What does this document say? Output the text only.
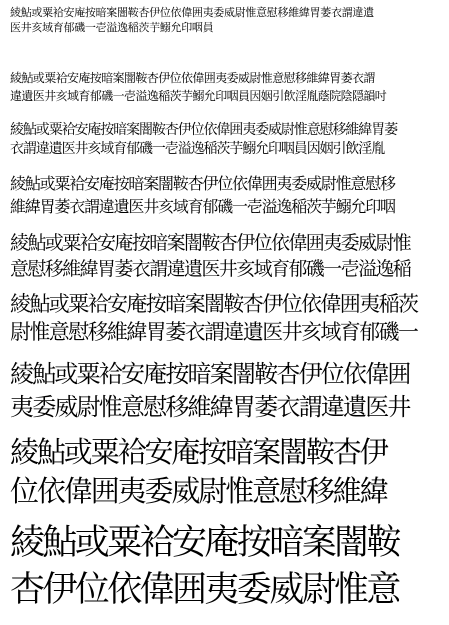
綾鮎或粟袷安庵按暗案闇鞍杏伊位依偉囲夷委威尉惟意慰移維緯胃萎衣謂違遺
医井亥域育郁磯一壱溢逸稲茨芋鰯允印咽員
綾鮎或粟袷安庵按暗案闇鞍杏伊位依偉囲夷委威尉惟意慰移維緯胃萎衣謂
違遺医井亥域育郁磯一壱溢逸稲茨芋鰯允印咽員因姻引飲淫胤蔭院陰隠韻吋
綾鮎或粟袷安庵按暗案闇鞍杏伊位依偉囲夷委威尉惟意慰移維緯胃萎
衣謂違遺医井亥域育郁磯一壱溢逸稲茨芋鰯允印咽員因姻引飲淫胤
綾鮎或粟袷安庵按暗案闇鞍杏伊位依偉囲夷委威尉惟意慰移
維緯胃萎衣謂違遺医井亥域育郁磯一壱溢逸稲茨芋鰯允印咽
綾鮎或粟袷安庵按暗案闇鞍杏伊位依偉囲夷委威尉惟
意慰移維緯胃萎衣謂違遺医井亥域育郁磯一壱溢逸稲
綾鮎或粟袷安庵按暗案闇鞍杏伊位依偉囲夷稲茨
尉惟意慰移維緯胃萎衣謂違遺医井亥域育郁磯一
綾鮎或粟袷安庵按暗案闇鞍杏伊位依偉囲
夷委威尉惟意慰移維緯胃萎衣謂違遺医井
綾鮎或粟袷安庵按暗案闇鞍杏伊
位依偉囲夷委威尉惟意慰移維緯
綾鮎或粟袷安庵按暗案闇鞍
杏伊位依偉囲夷委威尉惟意
